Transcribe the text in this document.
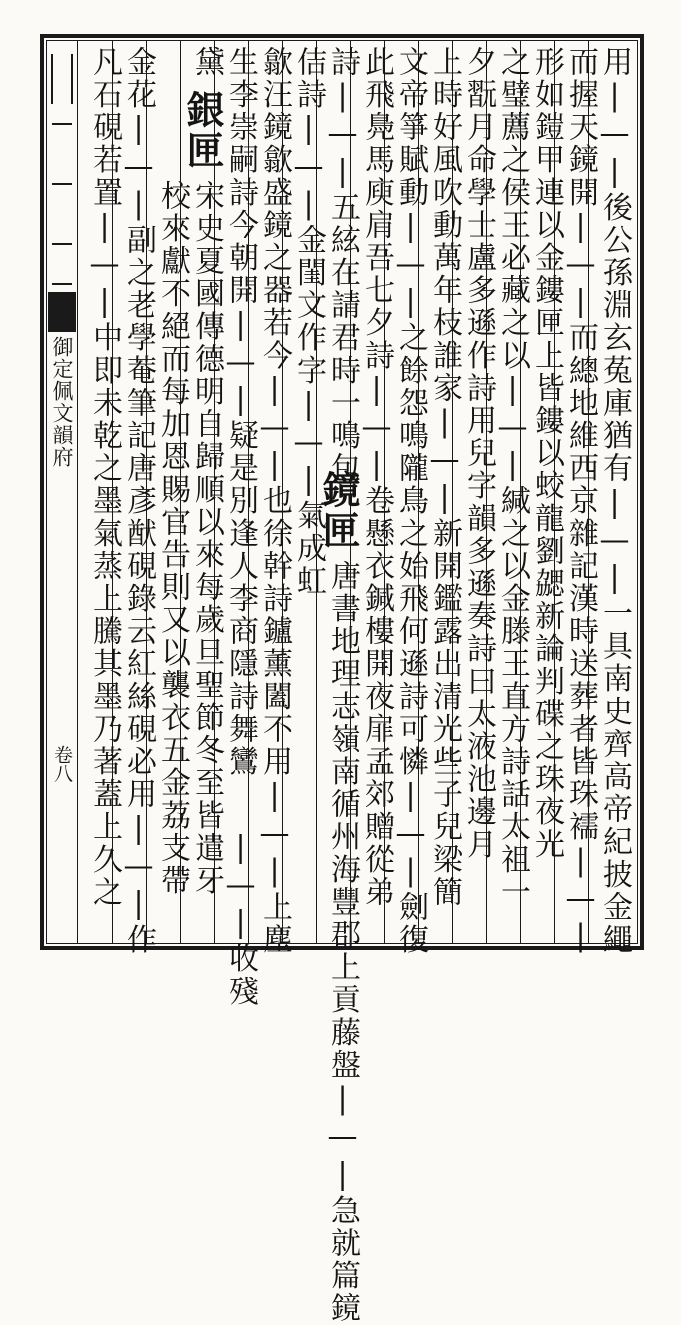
御定佩文韻府
卷八	用|—|後公孫淵玄菟庫猶有|—|一具南史齊高帝紀披金繩
而握天鏡開|—|而總地維西京雜記漢時送葬者皆珠襦|—|
形如鎧甲連以金鏤匣上皆鏤以蛟龍劉勰新論判碟之珠夜光
之璧薦之侯王必藏之以|—|緘之以金滕王直方詩話太祖一
夕翫月命學士盧多遜作詩用兒字韻多遜奏詩曰太液池邊月
上時好風吹動萬年枝誰家|—|新開鑑露出清光些子兒梁簡
文帝箏賦動|—|之餘怨鳴隴鳥之始飛何遜詩可憐|—|劍復
此飛鳧馬庾肩吾七夕詩|—|卷懸衣鍼樓開夜扉孟郊贈從弟
詩|—|五絃在請君時一鳴包
鏡匣
唐書地理志嶺南循州海豐郡上貢藤盤|—|急就篇鏡
佶詩|—|金閨文作字|—|氣成虹
歙汪鏡歙盛鏡之器若今|—|也徐幹詩鑪薰闔不用|—|上塵
生李崇嗣詩今朝開|—|疑是別逢人李商隱詩舞鸞
|—|收殘
黛
銀匣
宋史夏國傳德明自歸順以來每歲旦聖節冬至皆遣牙
校來獻不絕而每加恩賜官告則又以襲衣五金荔支帶
金花|—|副之老學菴筆記唐彥猷硯錄云紅絲硯必用|—|作
凡石硯若置|—|中即未乾之墨氣蒸上騰其墨乃著蓋上久之
